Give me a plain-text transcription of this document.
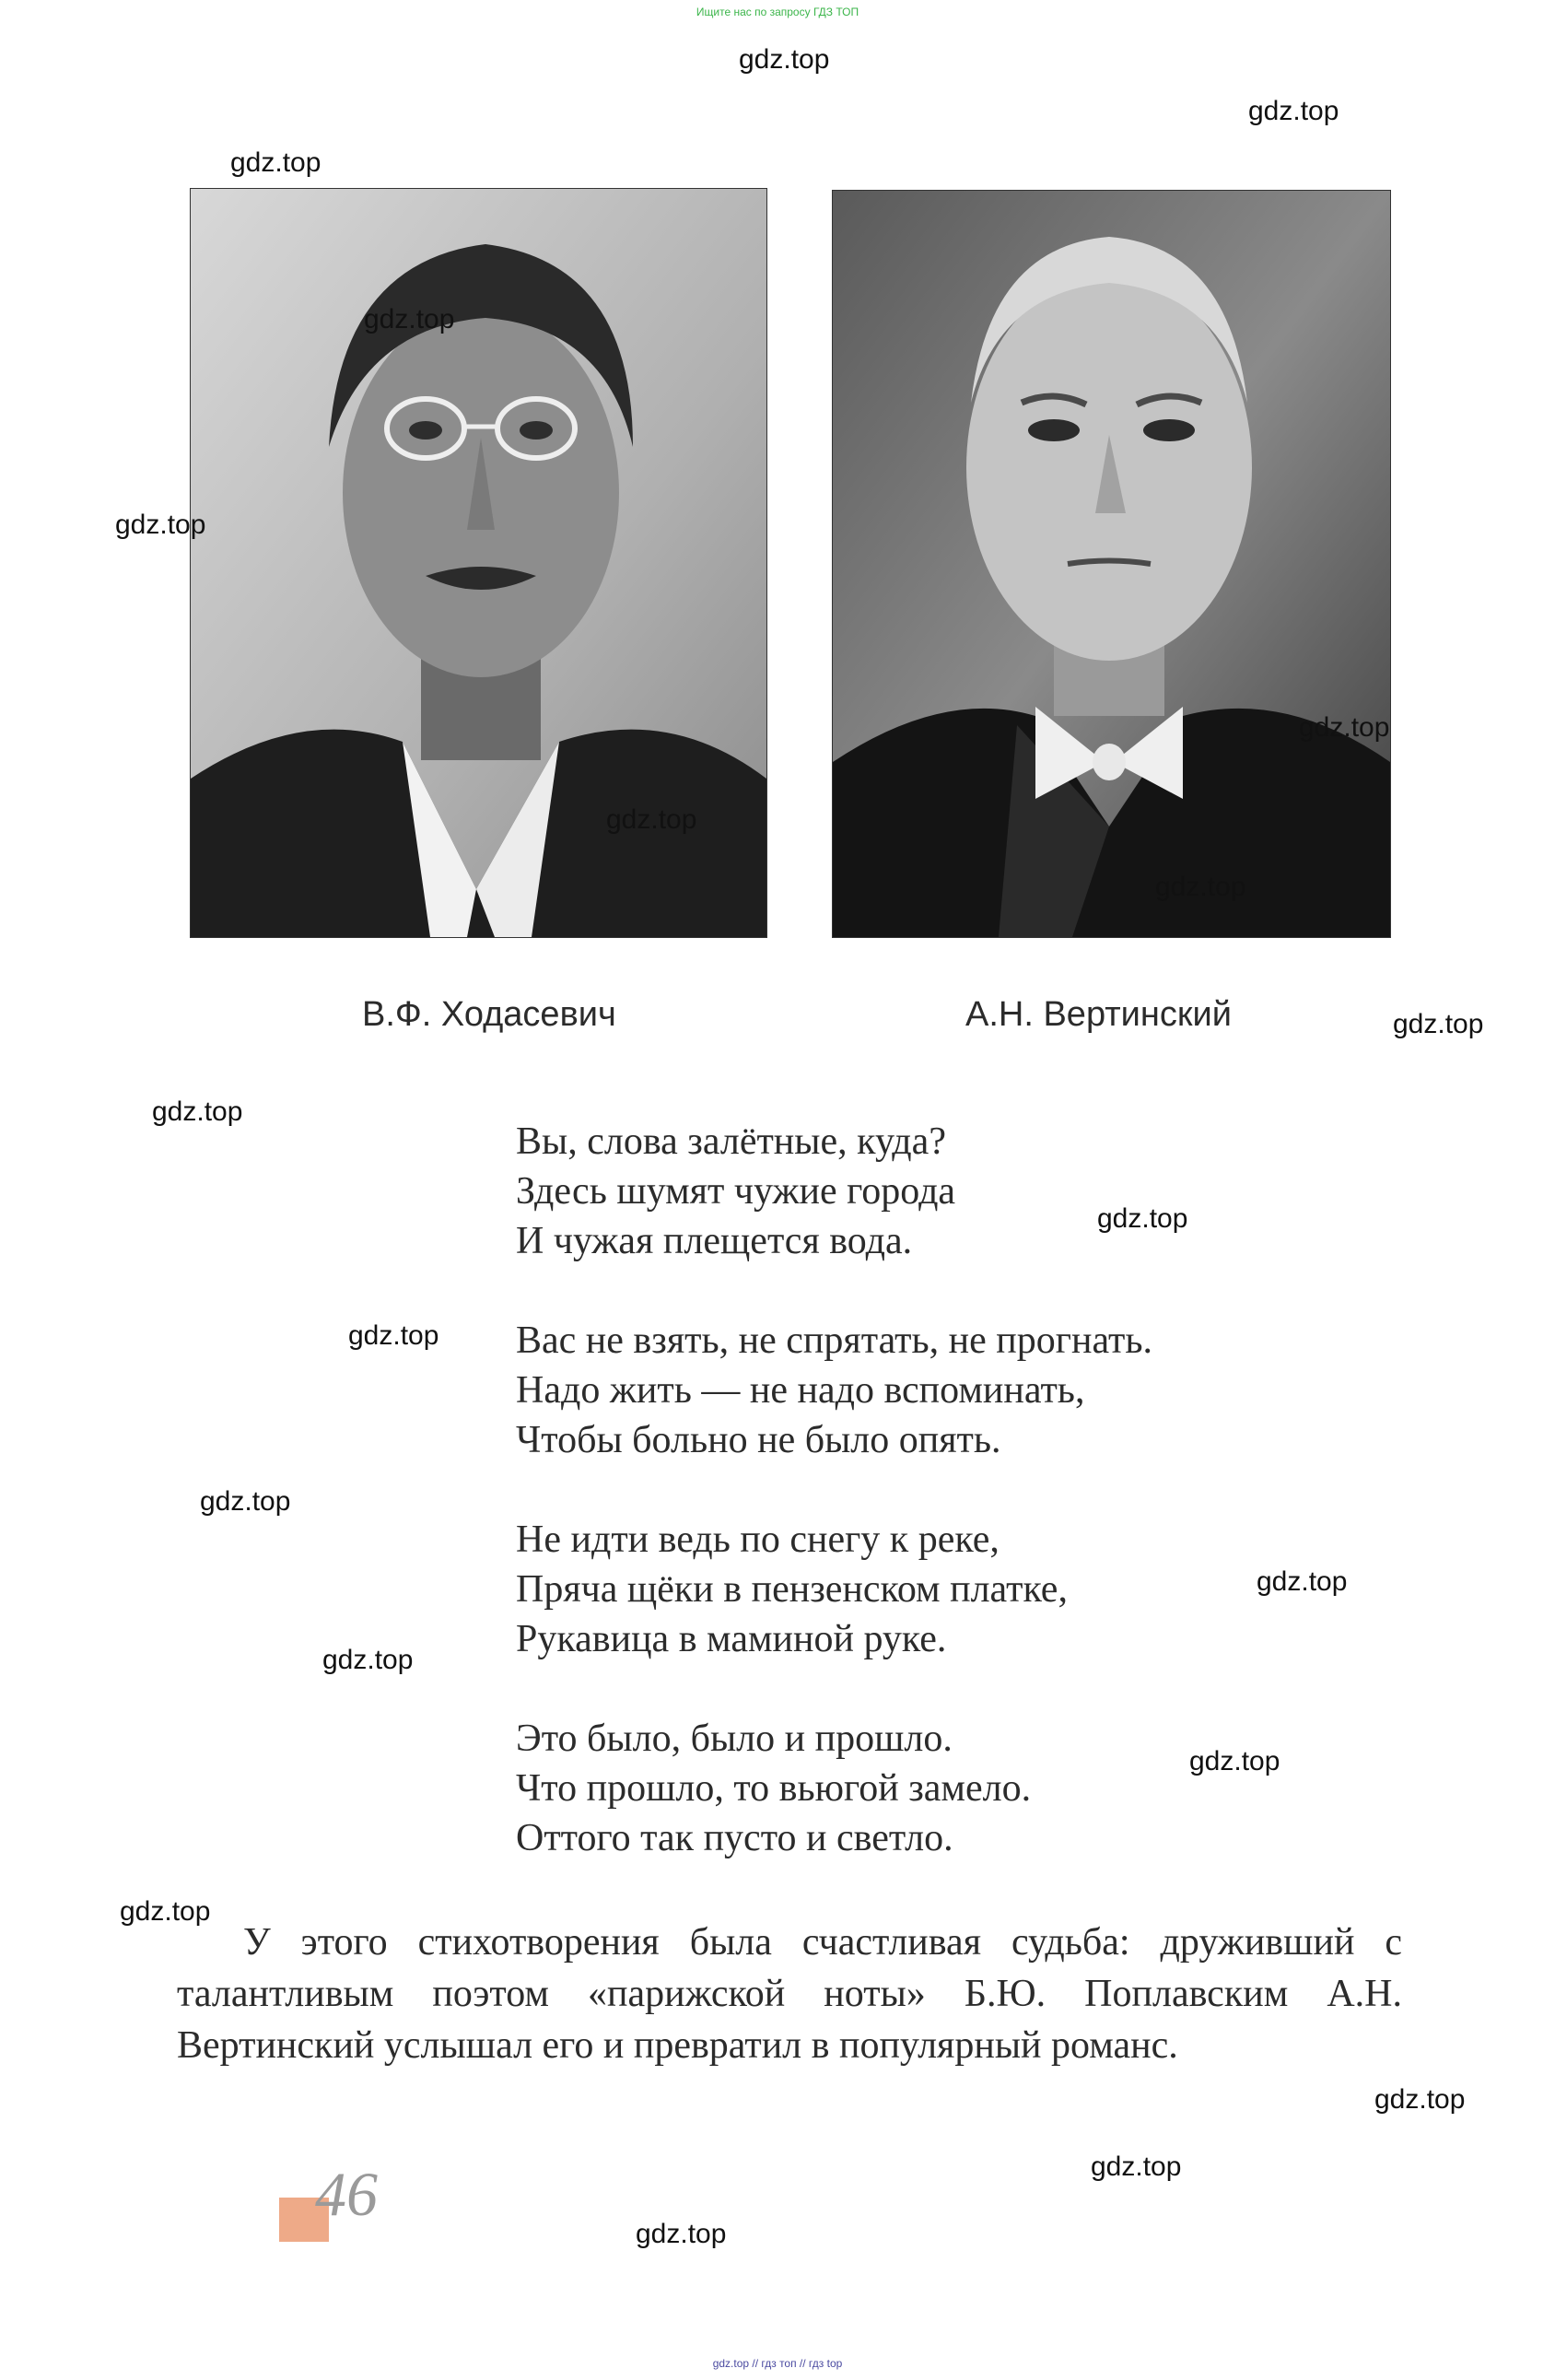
Ищите нас по запросу ГДЗ ТОП
В.Ф. Ходасевич	А.Н. Вертинский
Вы, слова залётные, куда?
Здесь шумят чужие города
И чужая плещется вода.
Вас не взять, не спрятать, не прогнать.
Надо жить — не надо вспоминать,
Чтобы больно не было опять.
Не идти ведь по снегу к реке,
Пряча щёки в пензенском платке,
Рукавица в маминой руке.
Это было, было и прошло.
Что прошло, то вьюгой замело.
Оттого так пусто и светло.
У этого стихотворения была счастливая судьба: друживший с талантливым поэтом «парижской ноты» Б.Ю. Поплавским А.Н. Вертинский услышал его и превратил в популярный романс.
46
gdz.top
gdz.top
gdz.top
gdz.top
gdz.top
gdz.top
gdz.top
gdz.top
gdz.top
gdz.top
gdz.top
gdz.top
gdz.top
gdz.top
gdz.top
gdz.top
gdz.top
gdz.top
gdz.top
gdz.top
gdz.top // гдз топ // гдз top
